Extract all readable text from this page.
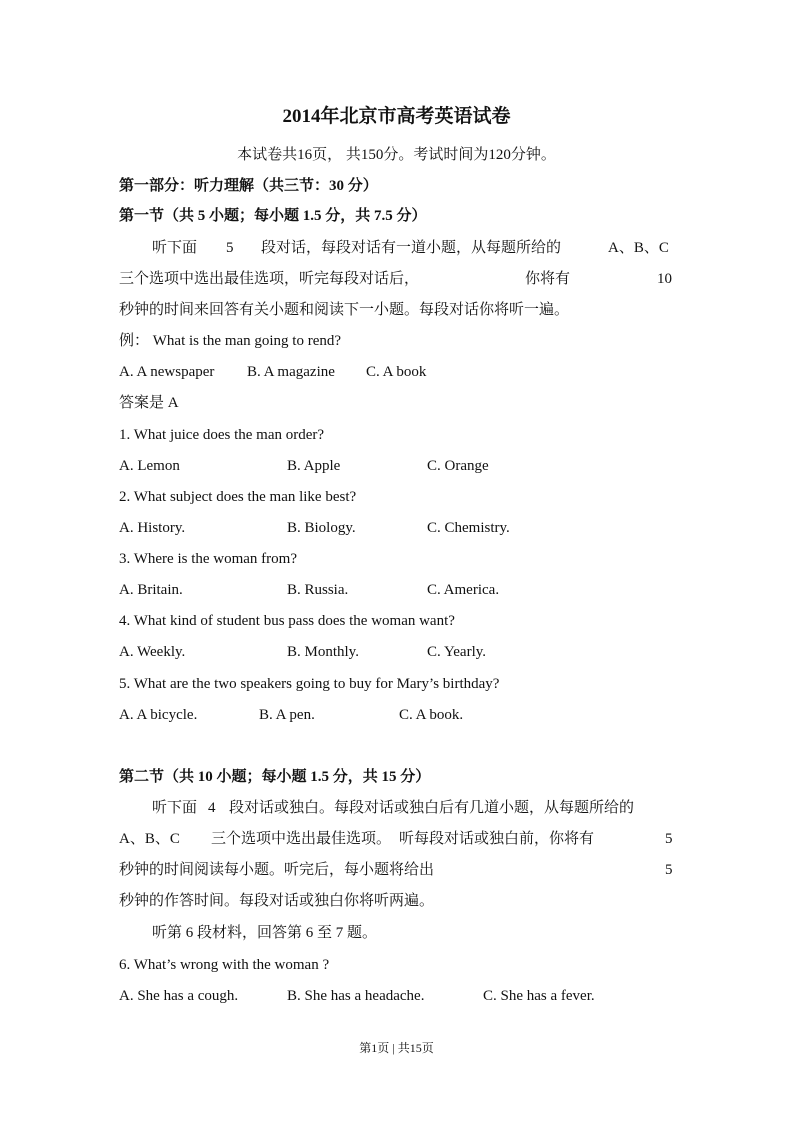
2014年北京市高考英语试卷
本试卷共16页， 共150分。考试时间为120分钟。
第一部分：听力理解（共三节：30 分）
第一节（共 5 小题；每小题 1.5 分，共 7.5 分）
听下面 5 段对话，每段对话有一道小题，从每题所给的	A、B、C
三个选项中选出最佳选项，听完每段对话后，	你将有	10
秒钟的时间来回答有关小题和阅读下一小题。每段对话你将听一遍。
例： What is the man going to rend?
A. A newspaper B. A magazine C. A book
答案是 A
1. What juice does the man order?
A. Lemon	B. Apple	C. Orange
2. What subject does the man like best?
A. History.	B. Biology.	C. Chemistry.
3. Where is the woman from?
A. Britain.	B. Russia.	C. America.
4. What kind of student bus pass does the woman want?
A. Weekly.	B. Monthly.	C. Yearly.
5. What are the two speakers going to buy for Mary’s birthday?
A. A bicycle.	B. A pen.	C. A book.
第二节（共 10 小题；每小题 1.5 分，共 15 分）
听下面 4 段对话或独白。每段对话或独白后有几道小题，从每题所给的
A、B、C 三个选项中选出最佳选项。 听每段对话或独白前，你将有	5
秒钟的时间阅读每小题。听完后，每小题将给出	5
秒钟的作答时间。每段对话或独白你将听两遍。
听第 6 段材料，回答第 6 至 7 题。
6. What’s wrong with the woman ?
A. She has a cough.	B. She has a headache.	C. She has a fever.
第1页 | 共15页
